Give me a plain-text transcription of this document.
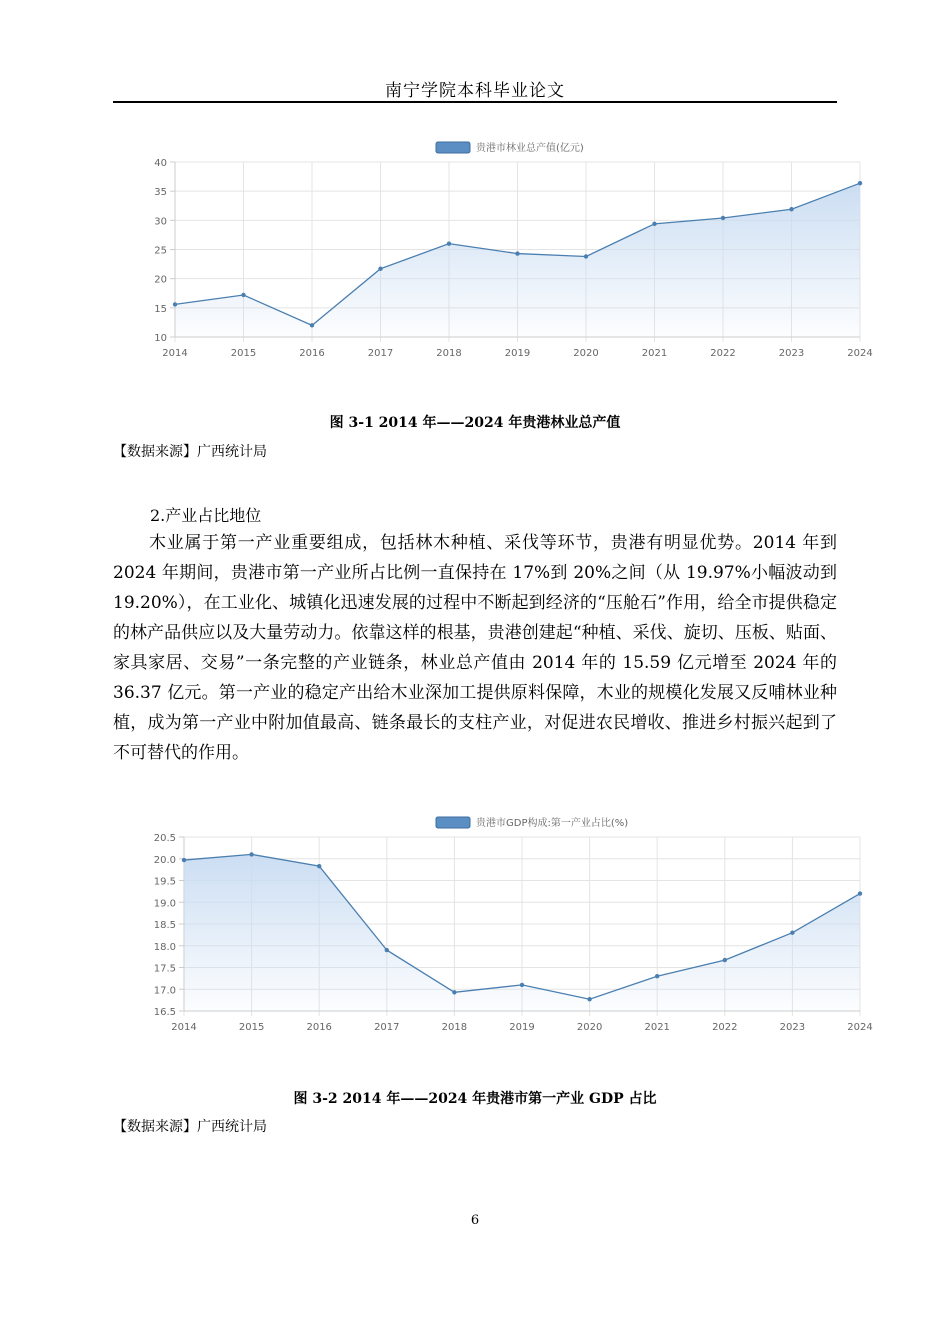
南宁学院本科毕业论文
贵港市林业总产值(亿元)
10
15
20
25
30
35
40
2014	2015	2016	2017	2018	2019	2020	2021	2022	2023	2024
图 3-1 2014 年——2024 年贵港林业总产值
【数据来源】广西统计局
2.产业占比地位
木业属于第一产业重要组成，包括林木种植、采伐等环节，贵港有明显优势。2014 年到 2024 年期间，贵港市第一产业所占比例一直保持在 17%到 20%之间（从 19.97%小幅波动到 19.20%），在工业化、城镇化迅速发展的过程中不断起到经济的“压舱石”作用，给全市提供稳定的林产品供应以及大量劳动力。依靠这样的根基，贵港创建起“种植、采伐、旋切、压板、贴面、家具家居、交易”一条完整的产业链条，林业总产值由 2014 年的 15.59 亿元增至 2024 年的 36.37 亿元。第一产业的稳定产出给木业深加工提供原料保障，木业的规模化发展又反哺林业种植，成为第一产业中附加值最高、链条最长的支柱产业，对促进农民增收、推进乡村振兴起到了不可替代的作用。
贵港市GDP构成:第一产业占比(%)
16.5
17.0
17.5
18.0
18.5
19.0
19.5
20.0
20.5
2014	2015	2016	2017	2018	2019	2020	2021	2022	2023	2024
图 3-2 2014 年——2024 年贵港市第一产业 GDP 占比
【数据来源】广西统计局
6
